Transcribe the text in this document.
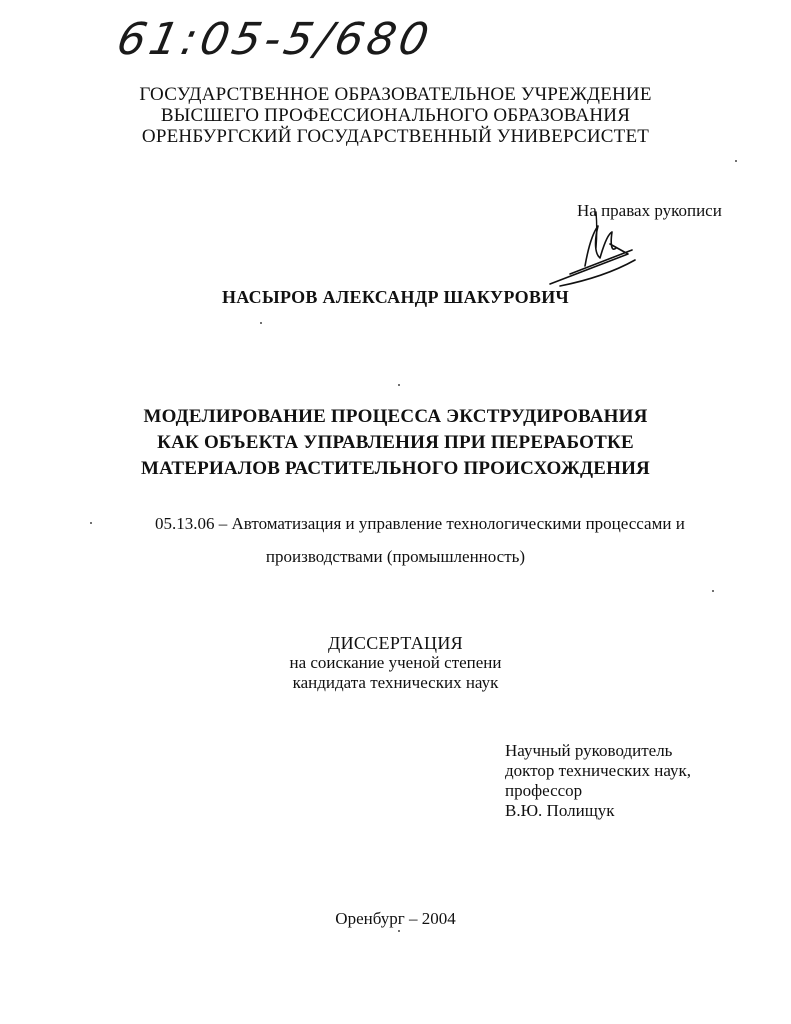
61:05-5/680
ГОСУДАРСТВЕННОЕ ОБРАЗОВАТЕЛЬНОЕ УЧРЕЖДЕНИЕ
ВЫСШЕГО ПРОФЕССИОНАЛЬНОГО ОБРАЗОВАНИЯ
ОРЕНБУРГСКИЙ ГОСУДАРСТВЕННЫЙ УНИВЕРСИСТЕТ
На правах рукописи
НАСЫРОВ АЛЕКСАНДР ШАКУРОВИЧ
МОДЕЛИРОВАНИЕ ПРОЦЕССА ЭКСТРУДИРОВАНИЯ
КАК ОБЪЕКТА УПРАВЛЕНИЯ ПРИ ПЕРЕРАБОТКЕ
МАТЕРИАЛОВ РАСТИТЕЛЬНОГО ПРОИСХОЖДЕНИЯ
05.13.06 – Автоматизация и управление технологическими процессами и
производствами (промышленность)
ДИССЕРТАЦИЯ
на соискание ученой степени
кандидата технических наук
Научный руководитель
доктор технических наук,
профессор
В.Ю. Полищук
Оренбург – 2004
